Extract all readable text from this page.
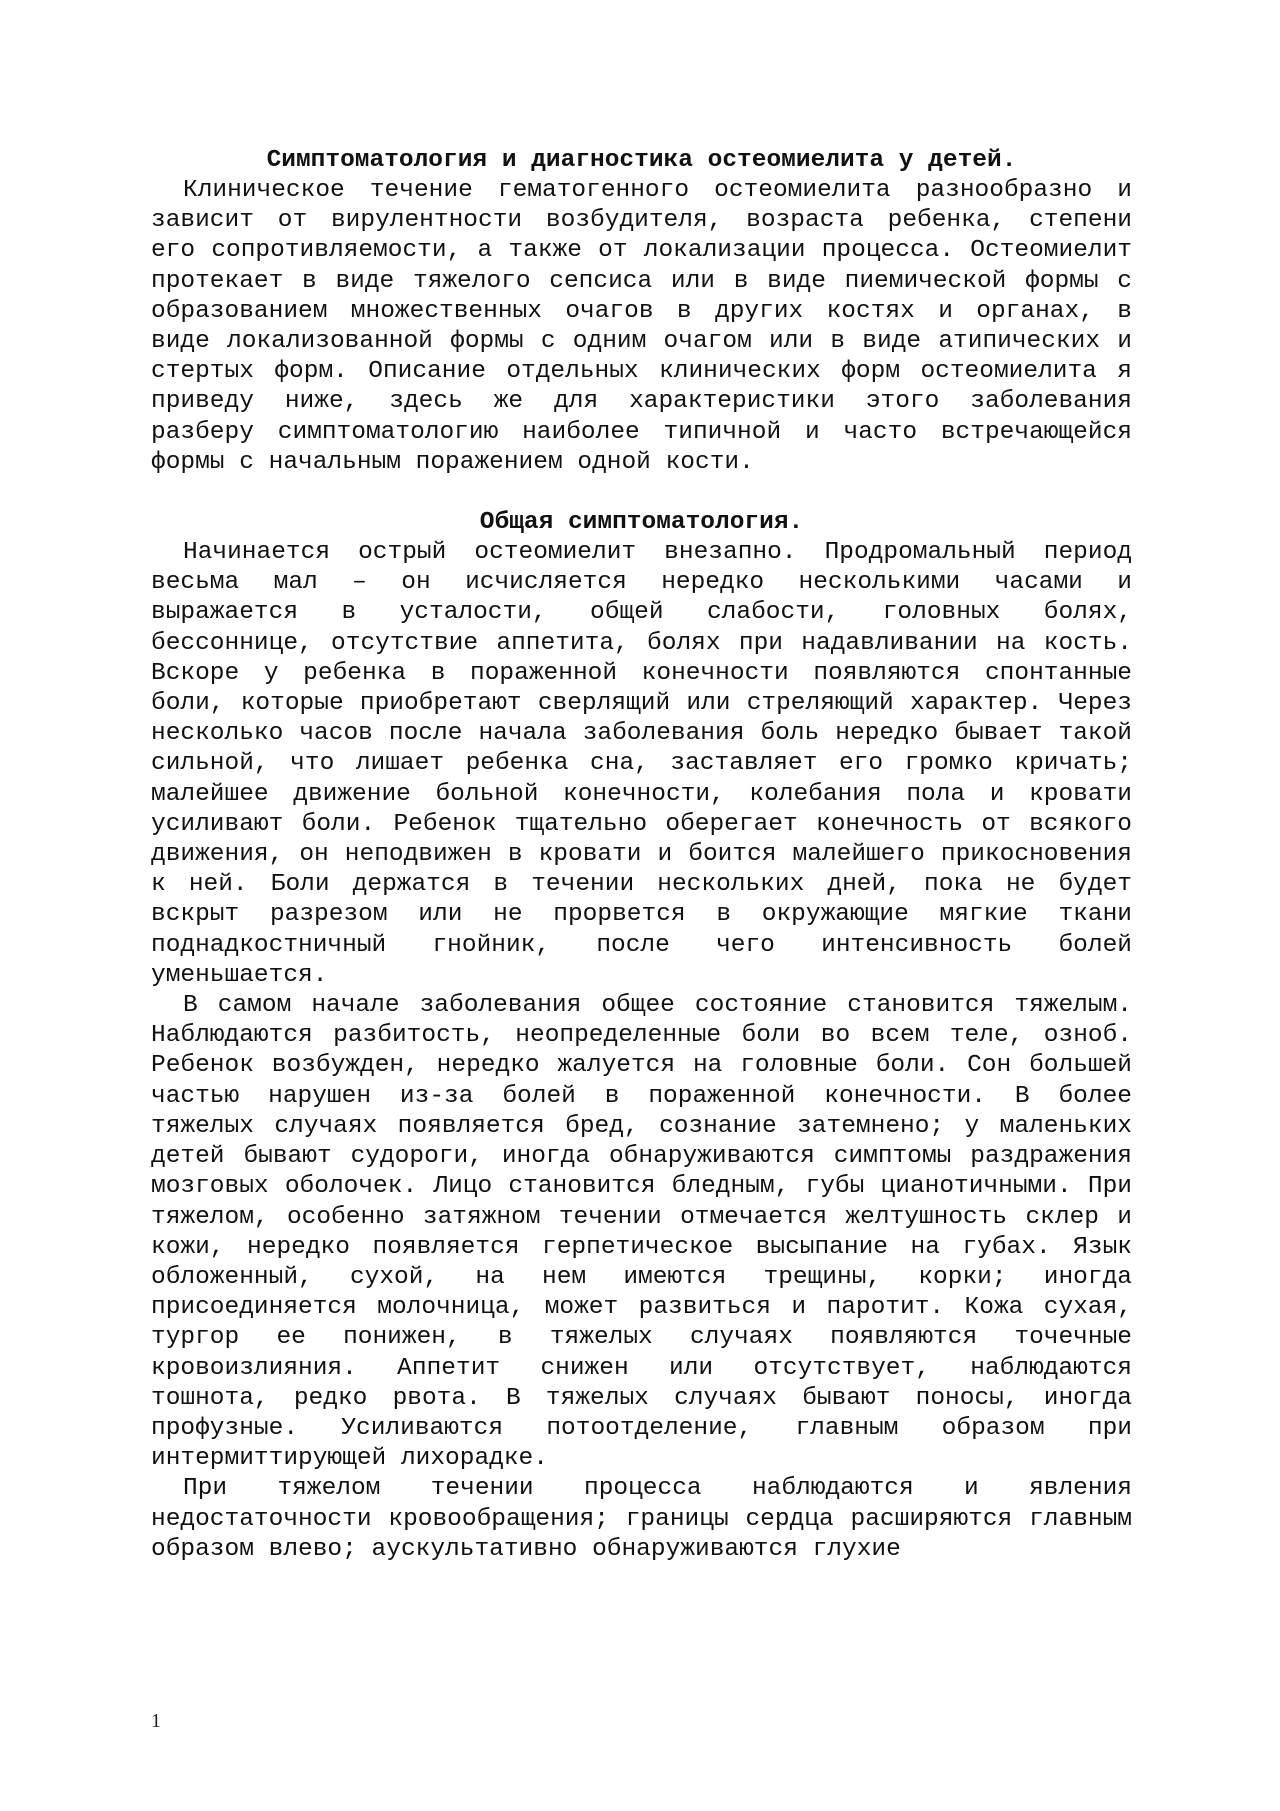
Симптоматология и диагностика остеомиелита у детей.

Клиническое течение гематогенного остеомиелита разнообразно и зависит от вирулентности возбудителя, возраста ребенка, степени его сопротивляемости, а также от локализации процесса. Остеомиелит протекает в виде тяжелого сепсиса или в виде пиемической формы с образованием множественных очагов в других костях и органах, в виде локализованной формы с одним очагом или в виде атипических и стертых форм. Описание отдельных клинических форм остеомиелита я приведу ниже, здесь же для характеристики этого заболевания разберу симптоматологию наиболее типичной и часто встречающейся формы с начальным поражением одной кости.

Общая симптоматология.

Начинается острый остеомиелит внезапно. Продромальный период весьма мал – он исчисляется нередко несколькими часами и выражается в усталости, общей слабости, головных болях, бессоннице, отсутствие аппетита, болях при надавливании на кость. Вскоре у ребенка в пораженной конечности появляются спонтанные боли, которые приобретают сверлящий или стреляющий характер. Через несколько часов после начала заболевания боль нередко бывает такой сильной, что лишает ребенка сна, заставляет его громко кричать; малейшее движение больной конечности, колебания пола и кровати усиливают боли. Ребенок тщательно оберегает конечность от всякого движения, он неподвижен в кровати и боится малейшего прикосновения к ней. Боли держатся в течении нескольких дней, пока не будет вскрыт разрезом или не прорвется в окружающие мягкие ткани поднадкостничный гнойник, после чего интенсивность болей уменьшается.

В самом начале заболевания общее состояние становится тяжелым. Наблюдаются разбитость, неопределенные боли во всем теле, озноб. Ребенок возбужден, нередко жалуется на головные боли. Сон большей частью нарушен из-за болей в пораженной конечности. В более тяжелых случаях появляется бред, сознание затемнено; у маленьких детей бывают судороги, иногда обнаруживаются симптомы раздражения мозговых оболочек. Лицо становится бледным, губы цианотичными. При тяжелом, особенно затяжном течении отмечается желтушность склер и кожи, нередко появляется герпетическое высыпание на губах. Язык обложенный, сухой, на нем имеются трещины, корки; иногда присоединяется молочница, может развиться и паротит. Кожа сухая, тургор ее понижен, в тяжелых случаях появляются точечные кровоизлияния. Аппетит снижен или отсутствует, наблюдаются тошнота, редко рвота. В тяжелых случаях бывают поносы, иногда профузные. Усиливаются потоотделение, главным образом при интермиттирующей лихорадке.

При тяжелом течении процесса наблюдаются и явления недостаточности кровообращения; границы сердца расширяются главным образом влево; аускультативно обнаруживаются глухие

1
